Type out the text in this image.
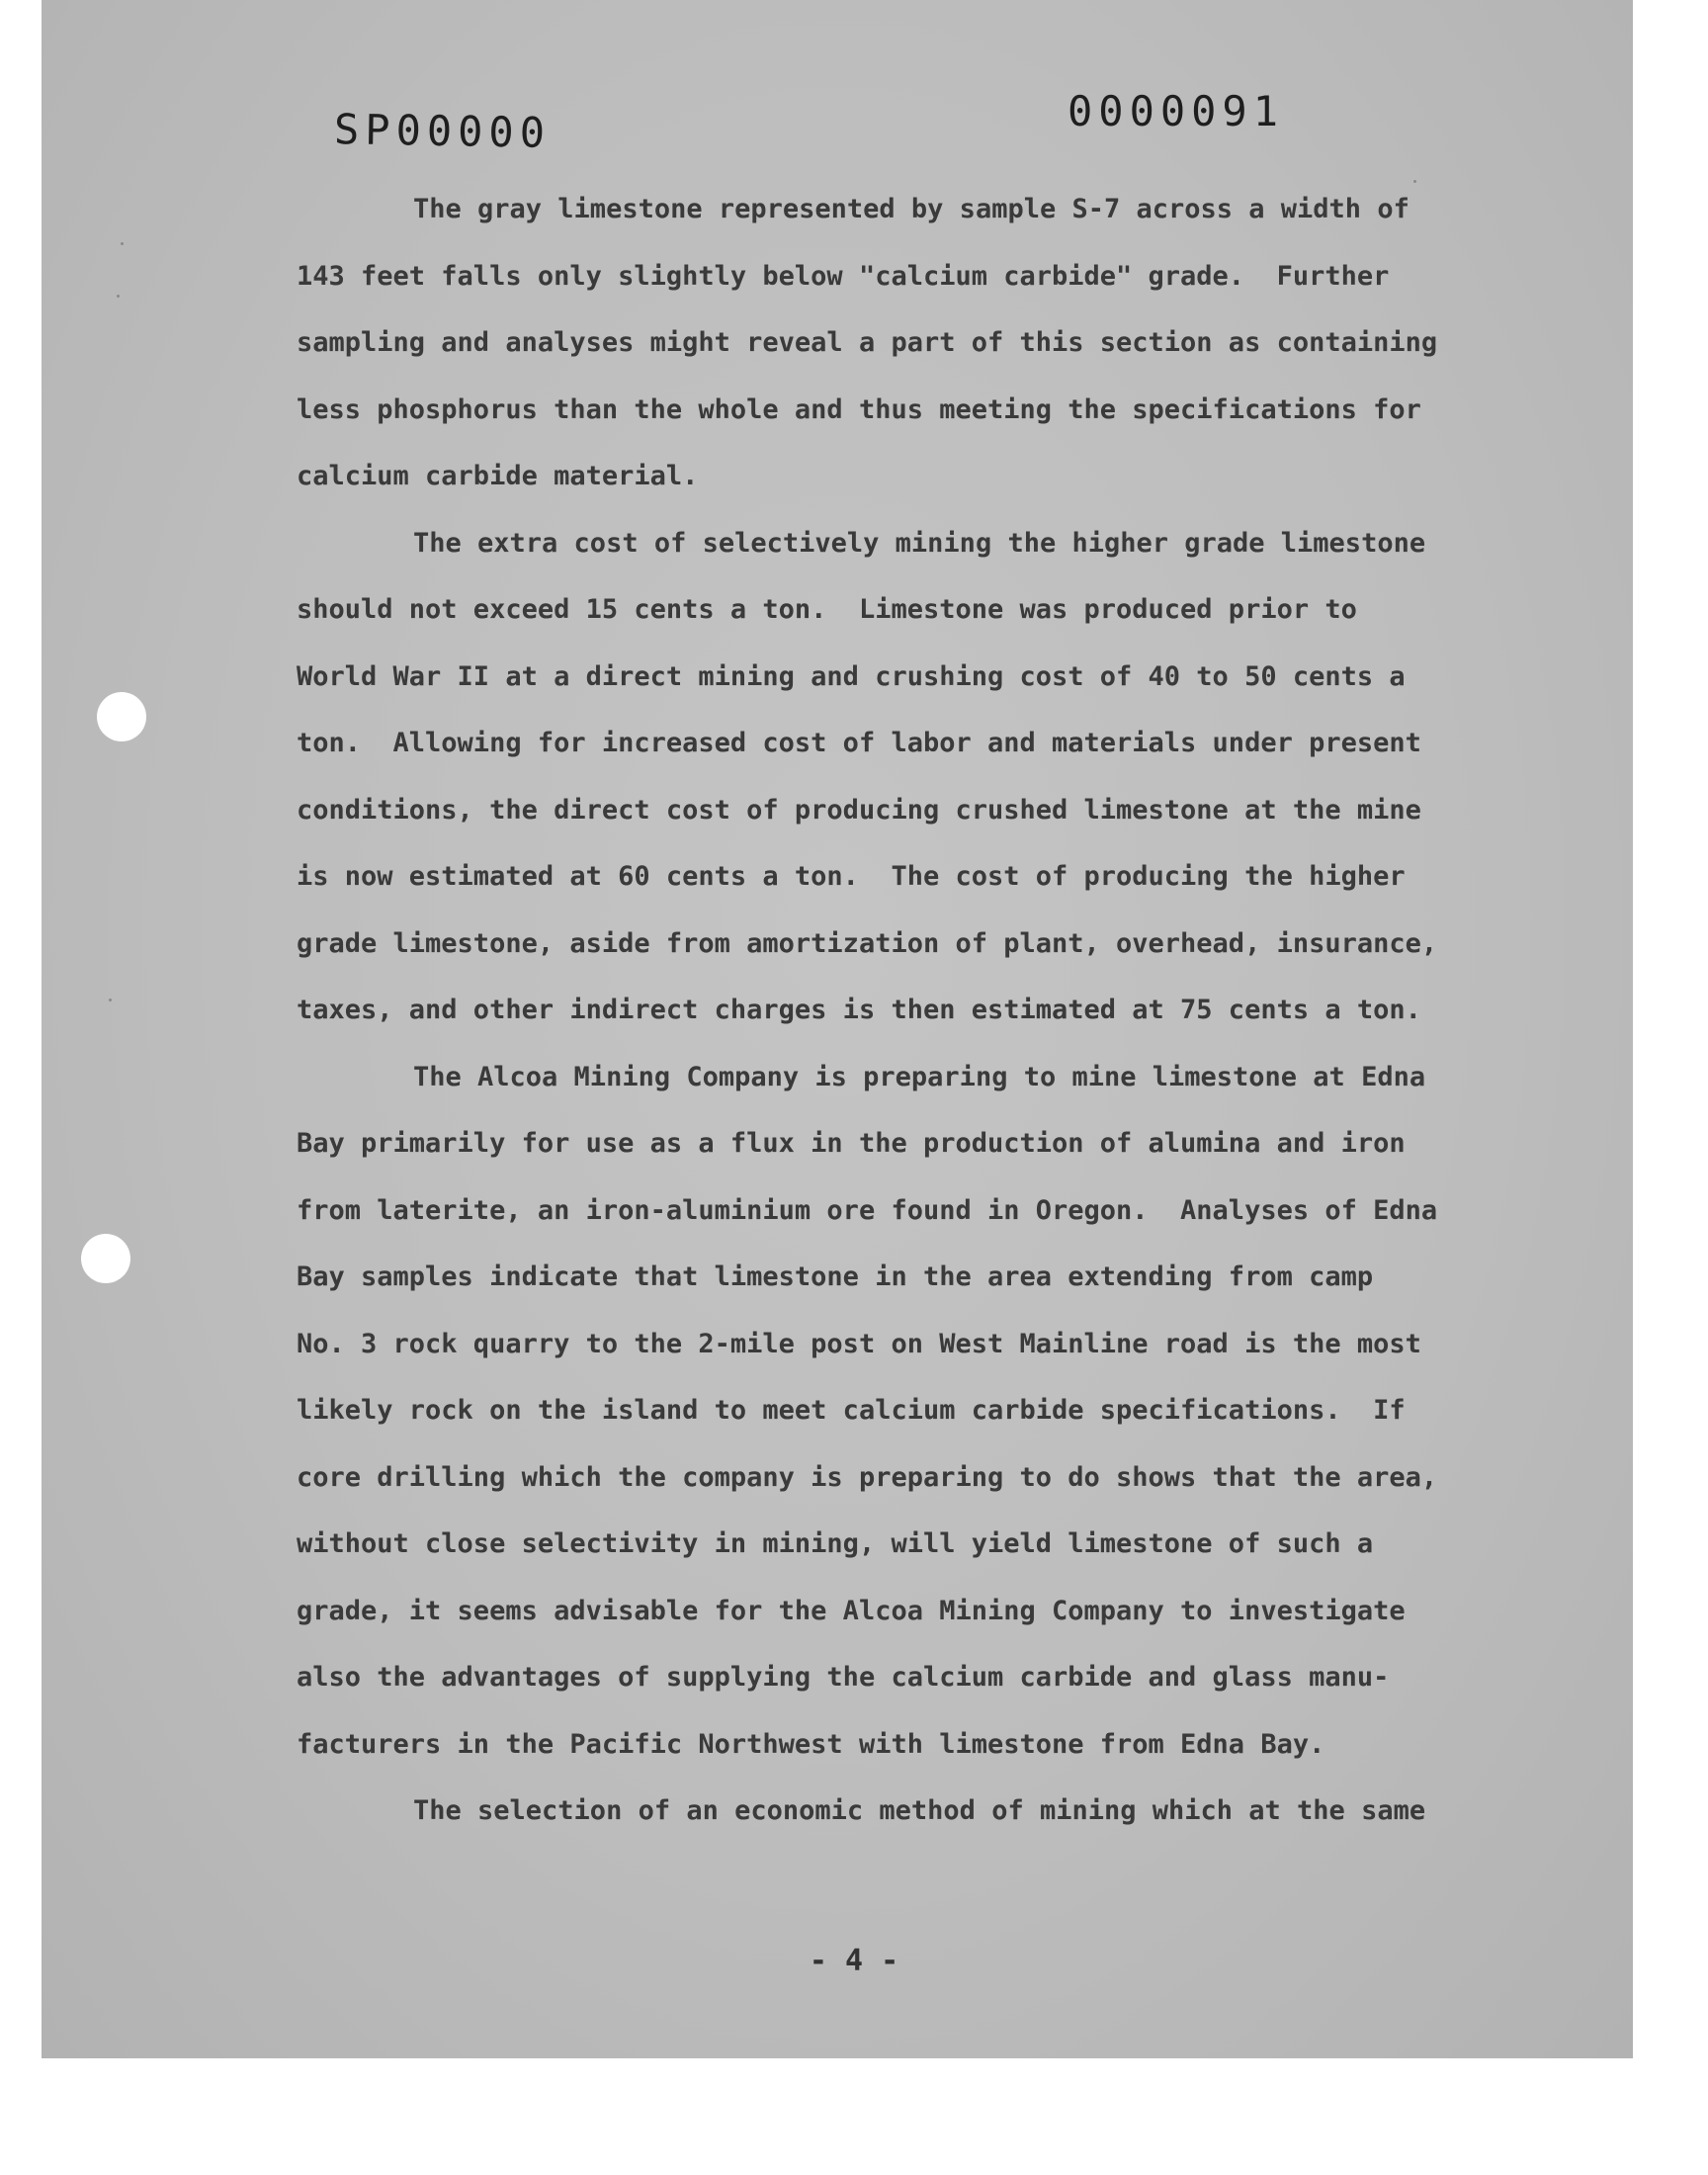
SP00000	0000091
The gray limestone represented by sample S-7 across a width of
143 feet falls only slightly below "calcium carbide" grade.  Further
sampling and analyses might reveal a part of this section as containing
less phosphorus than the whole and thus meeting the specifications for
calcium carbide material.
The extra cost of selectively mining the higher grade limestone
should not exceed 15 cents a ton.  Limestone was produced prior to
World War II at a direct mining and crushing cost of 40 to 50 cents a
ton.  Allowing for increased cost of labor and materials under present
conditions, the direct cost of producing crushed limestone at the mine
is now estimated at 60 cents a ton.  The cost of producing the higher
grade limestone, aside from amortization of plant, overhead, insurance,
taxes, and other indirect charges is then estimated at 75 cents a ton.
The Alcoa Mining Company is preparing to mine limestone at Edna
Bay primarily for use as a flux in the production of alumina and iron
from laterite, an iron-aluminium ore found in Oregon.  Analyses of Edna
Bay samples indicate that limestone in the area extending from camp
No. 3 rock quarry to the 2-mile post on West Mainline road is the most
likely rock on the island to meet calcium carbide specifications.  If
core drilling which the company is preparing to do shows that the area,
without close selectivity in mining, will yield limestone of such a
grade, it seems advisable for the Alcoa Mining Company to investigate
also the advantages of supplying the calcium carbide and glass manu-
facturers in the Pacific Northwest with limestone from Edna Bay.
The selection of an economic method of mining which at the same
- 4 -
